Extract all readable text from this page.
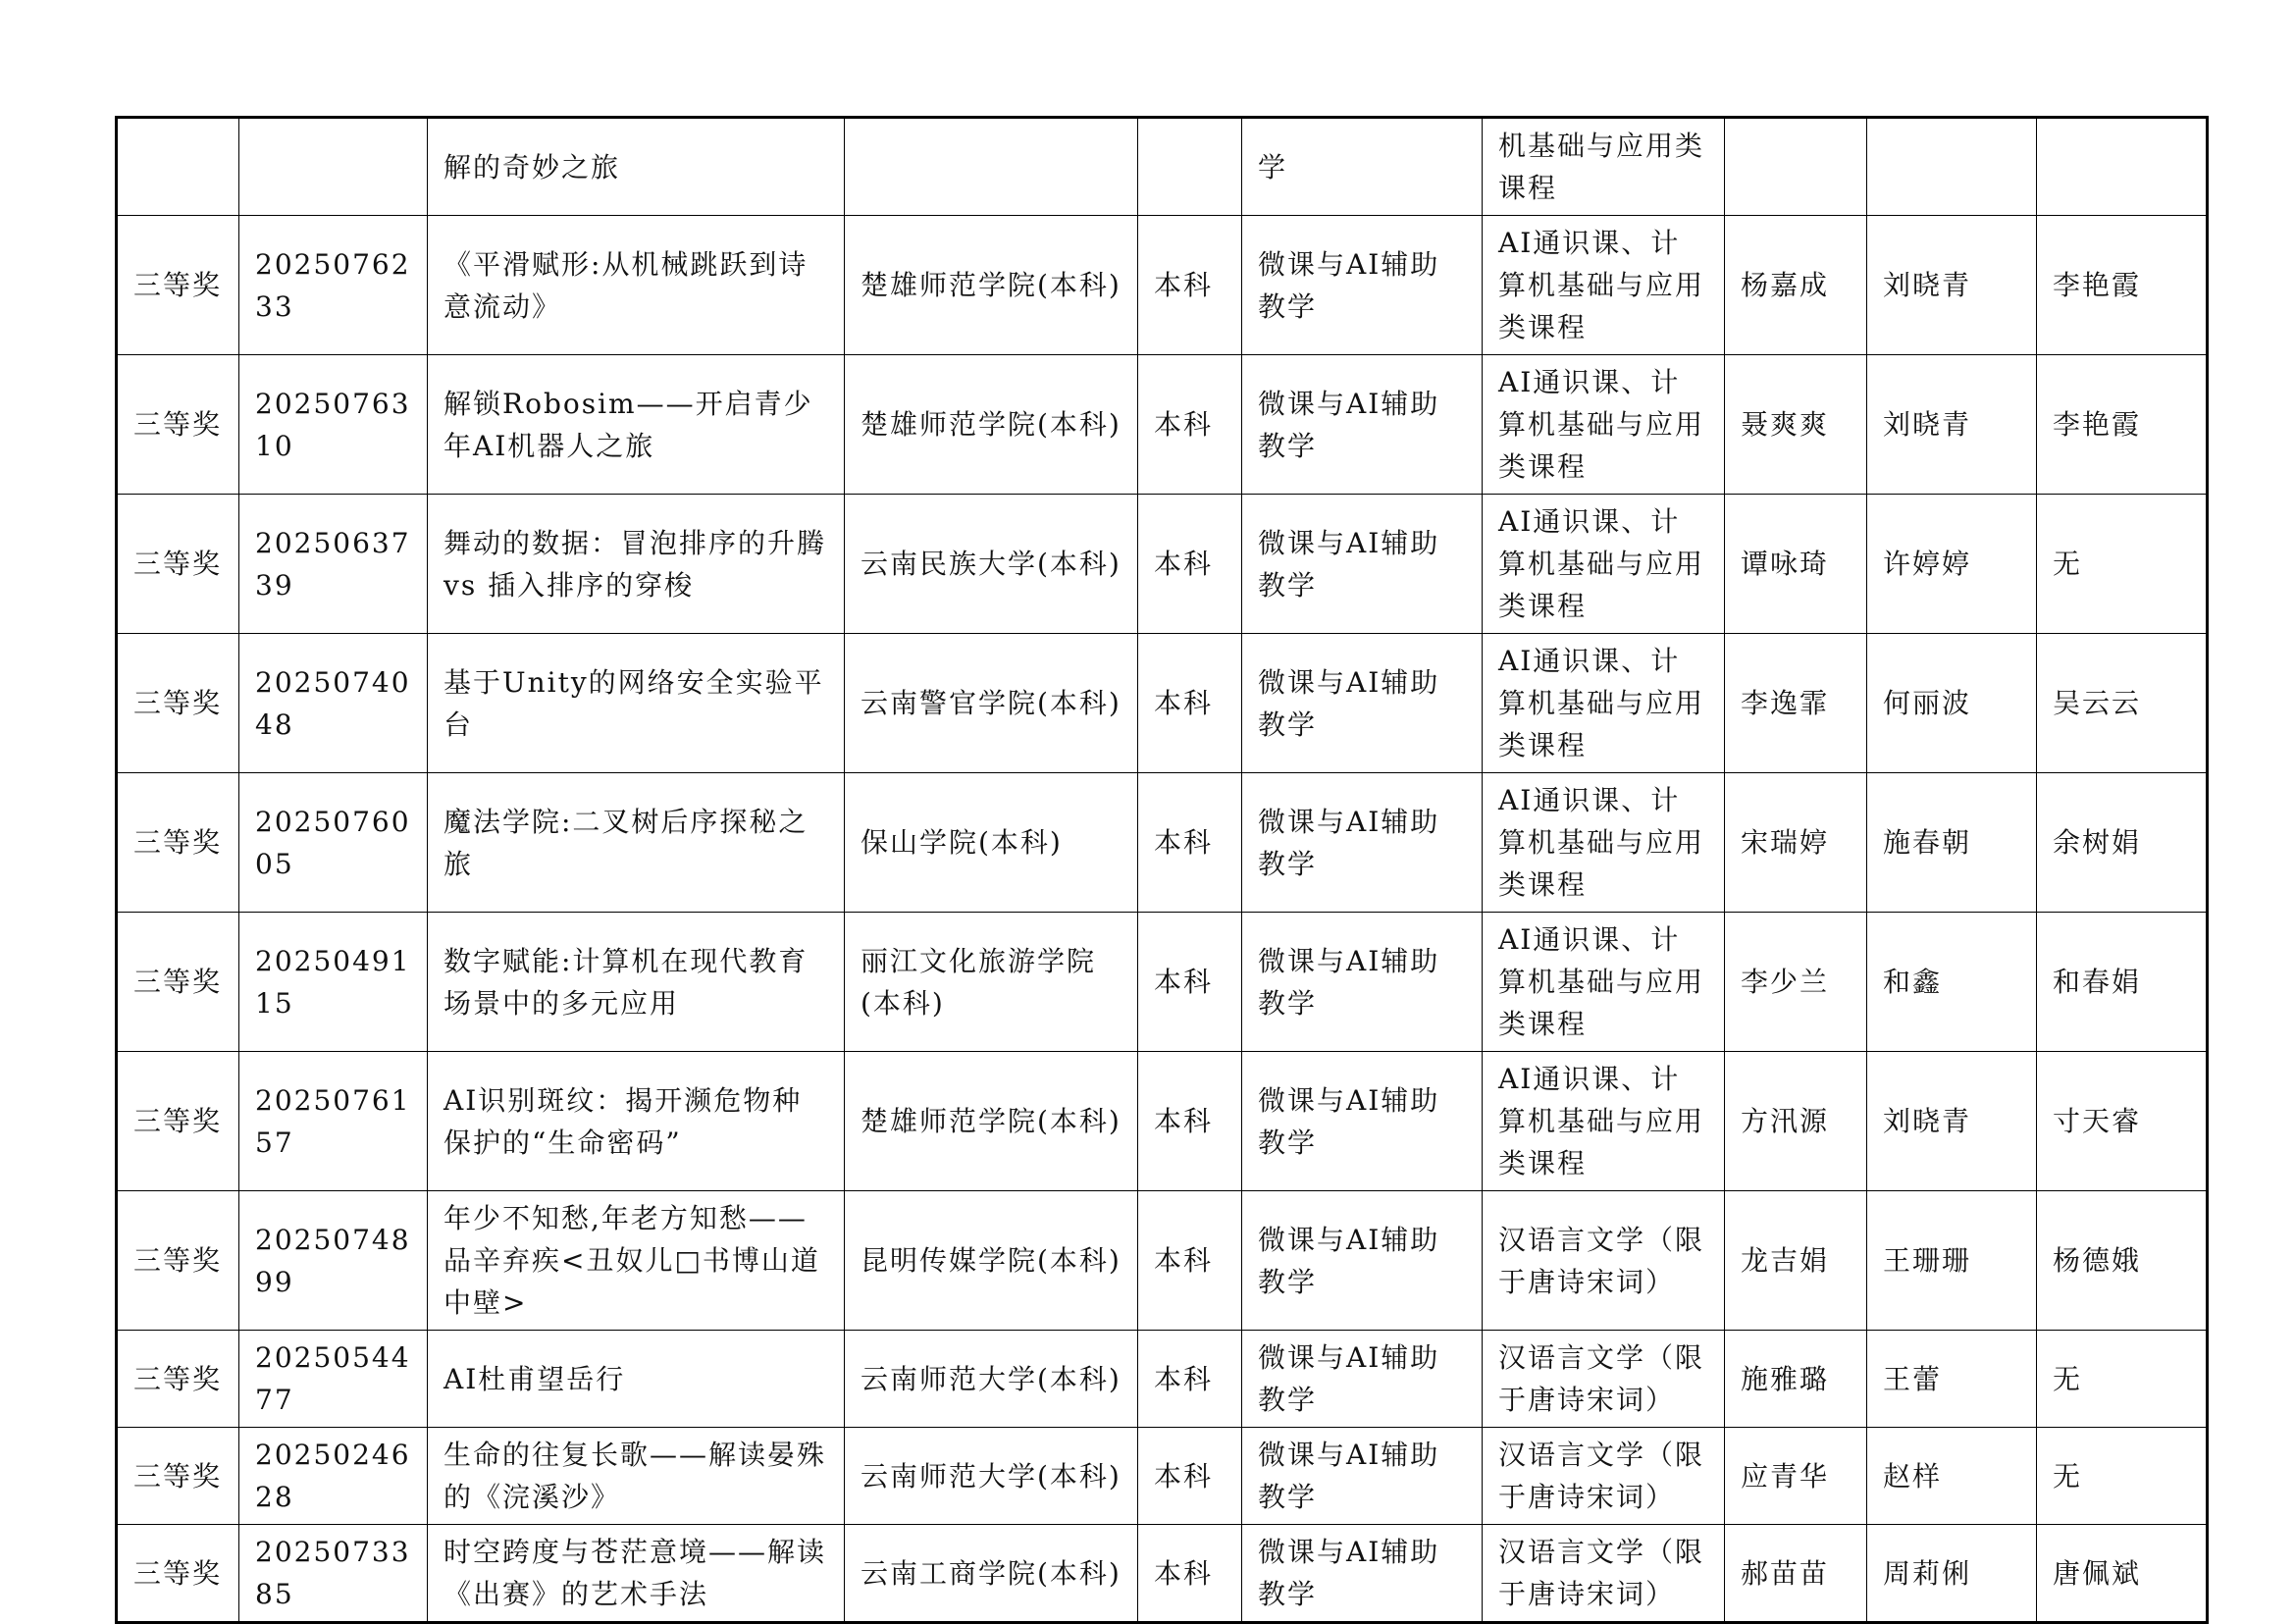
		解的奇妙之旅			学	机基础与应用类课程			
三等奖	2025076233	《平滑赋形:从机械跳跃到诗意流动》	楚雄师范学院(本科)	本科	微课与AI辅助教学	AI通识课、计算机基础与应用类课程	杨嘉成	刘晓青	李艳霞
三等奖	2025076310	解锁Robosim——开启青少年AI机器人之旅	楚雄师范学院(本科)	本科	微课与AI辅助教学	AI通识课、计算机基础与应用类课程	聂爽爽	刘晓青	李艳霞
三等奖	2025063739	舞动的数据：冒泡排序的升腾vs 插入排序的穿梭	云南民族大学(本科)	本科	微课与AI辅助教学	AI通识课、计算机基础与应用类课程	谭咏琦	许婷婷	无
三等奖	2025074048	基于Unity的网络安全实验平台	云南警官学院(本科)	本科	微课与AI辅助教学	AI通识课、计算机基础与应用类课程	李逸霏	何丽波	吴云云
三等奖	2025076005	魔法学院:二叉树后序探秘之旅	保山学院(本科)	本科	微课与AI辅助教学	AI通识课、计算机基础与应用类课程	宋瑞婷	施春朝	余树娟
三等奖	2025049115	数字赋能:计算机在现代教育场景中的多元应用	丽江文化旅游学院(本科)	本科	微课与AI辅助教学	AI通识课、计算机基础与应用类课程	李少兰	和鑫	和春娟
三等奖	2025076157	AI识别斑纹：揭开濒危物种保护的“生命密码”	楚雄师范学院(本科)	本科	微课与AI辅助教学	AI通识课、计算机基础与应用类课程	方汛源	刘晓青	寸天睿
三等奖	2025074899	年少不知愁,年老方知愁——品辛弃疾<丑奴儿□书博山道中壁>	昆明传媒学院(本科)	本科	微课与AI辅助教学	汉语言文学（限于唐诗宋词）	龙吉娟	王珊珊	杨德娥
三等奖	2025054477	AI杜甫望岳行	云南师范大学(本科)	本科	微课与AI辅助教学	汉语言文学（限于唐诗宋词）	施雅璐	王蕾	无
三等奖	2025024628	生命的往复长歌——解读晏殊的《浣溪沙》	云南师范大学(本科)	本科	微课与AI辅助教学	汉语言文学（限于唐诗宋词）	应青华	赵样	无
三等奖	2025073385	时空跨度与苍茫意境——解读《出赛》的艺术手法	云南工商学院(本科)	本科	微课与AI辅助教学	汉语言文学（限于唐诗宋词）	郝苗苗	周莉俐	唐佩斌
